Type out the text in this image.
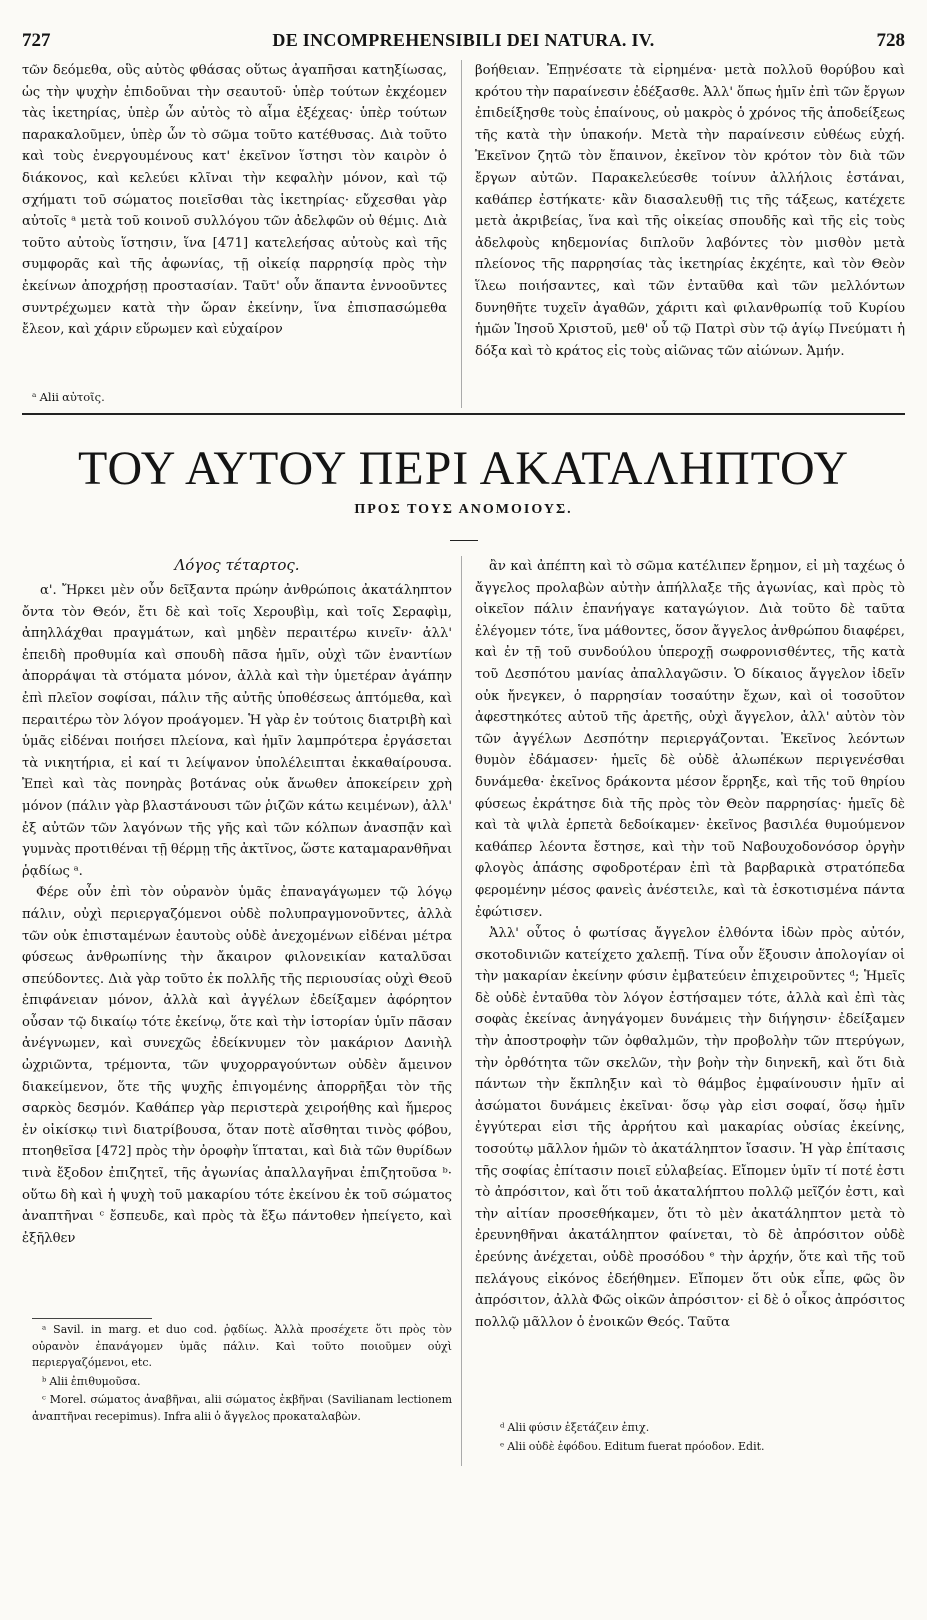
727	DE INCOMPREHENSIBILI DEI NATURA. IV.	728

τῶν δεόμεθα, οὓς αὐτὸς φθάσας οὕτως ἀγαπῆσαι κατηξίωσας, ὡς τὴν ψυχὴν ἐπιδοῦναι τὴν σεαυτοῦ· ὑπὲρ τούτων ἐκχέομεν τὰς ἱκετηρίας, ὑπὲρ ὧν αὐτὸς τὸ αἷμα ἐξέχεας· ὑπὲρ τούτων παρακαλοῦμεν, ὑπὲρ ὧν τὸ σῶμα τοῦτο κατέθυσας. Διὰ τοῦτο καὶ τοὺς ἐνεργουμένους κατ' ἐκεῖνον ἵστησι τὸν καιρὸν ὁ διάκονος, καὶ κελεύει κλῖναι τὴν κεφαλὴν μόνον, καὶ τῷ σχήματι τοῦ σώματος ποιεῖσθαι τὰς ἱκετηρίας· εὔχεσθαι γὰρ αὐτοῖς ᵃ μετὰ τοῦ κοινοῦ συλλόγου τῶν ἀδελφῶν οὐ θέμις. Διὰ τοῦτο αὐτοὺς ἵστησιν, ἵνα [471] κατελεήσας αὐτοὺς καὶ τῆς συμφορᾶς καὶ τῆς ἀφωνίας, τῇ οἰκείᾳ παρρησίᾳ πρὸς τὴν ἐκείνων ἀποχρήσῃ προστασίαν. Ταῦτ' οὖν ἅπαντα ἐννοοῦντες συντρέχωμεν κατὰ τὴν ὥραν ἐκείνην, ἵνα ἐπισπασώμεθα ἔλεον, καὶ χάριν εὕρωμεν καὶ εὐχαίρον

ᵃ Alii αὐτοῖς.

βοήθειαν. Ἐπῃνέσατε τὰ εἰρημένα· μετὰ πολλοῦ θορύβου καὶ κρότου τὴν παραίνεσιν ἐδέξασθε. Ἀλλ' ὅπως ἡμῖν ἐπὶ τῶν ἔργων ἐπιδείξησθε τοὺς ἐπαίνους, οὐ μακρὸς ὁ χρόνος τῆς ἀποδείξεως τῆς κατὰ τὴν ὑπακοήν. Μετὰ τὴν παραίνεσιν εὐθέως εὐχή. Ἐκεῖνον ζητῶ τὸν ἔπαινον, ἐκεῖνον τὸν κρότον τὸν διὰ τῶν ἔργων αὐτῶν. Παρακελεύεσθε τοίνυν ἀλλήλοις ἑστάναι, καθάπερ ἐστήκατε· κἂν διασαλευθῇ τις τῆς τάξεως, κατέχετε μετὰ ἀκριβείας, ἵνα καὶ τῆς οἰκείας σπουδῆς καὶ τῆς εἰς τοὺς ἀδελφοὺς κηδεμονίας διπλοῦν λαβόντες τὸν μισθὸν μετὰ πλείονος τῆς παρρησίας τὰς ἱκετηρίας ἐκχέητε, καὶ τὸν Θεὸν ἵλεω ποιήσαντες, καὶ τῶν ἐνταῦθα καὶ τῶν μελλόντων δυνηθῆτε τυχεῖν ἀγαθῶν, χάριτι καὶ φιλανθρωπίᾳ τοῦ Κυρίου ἡμῶν Ἰησοῦ Χριστοῦ, μεθ' οὗ τῷ Πατρὶ σὺν τῷ ἁγίῳ Πνεύματι ἡ δόξα καὶ τὸ κράτος εἰς τοὺς αἰῶνας τῶν αἰώνων. Ἀμήν.

ΤΟΥ ΑΥΤΟΥ ΠΕΡΙ ΑΚΑΤΑΛΗΠΤΟΥ
ΠΡΟΣ ΤΟΥΣ ΑΝΟΜΟΙΟΥΣ.
Λόγος τέταρτος.

α'. Ἤρκει μὲν οὖν δεῖξαντα πρώην ἀνθρώποις ἀκατάληπτον ὄντα τὸν Θεόν, ἔτι δὲ καὶ τοῖς Χερουβὶμ, καὶ τοῖς Σεραφὶμ, ἀπηλλάχθαι πραγμάτων, καὶ μηδὲν περαιτέρω κινεῖν· ἀλλ' ἐπειδὴ προθυμία καὶ σπουδὴ πᾶσα ἡμῖν, οὐχὶ τῶν ἐναντίων ἀπορράψαι τὰ στόματα μόνον, ἀλλὰ καὶ τὴν ὑμετέραν ἀγάπην ἐπὶ πλεῖον σοφίσαι, πάλιν τῆς αὐτῆς ὑποθέσεως ἁπτόμεθα, καὶ περαιτέρω τὸν λόγον προάγομεν. Ἡ γὰρ ἐν τούτοις διατριβὴ καὶ ὑμᾶς εἰδέναι ποιήσει πλείονα, καὶ ἡμῖν λαμπρότερα ἐργάσεται τὰ νικητήρια, εἰ καί τι λείψανον ὑπολέλειπται ἐκκαθαίρουσα. Ἐπεὶ καὶ τὰς πονηρὰς βοτάνας οὐκ ἄνωθεν ἀποκείρειν χρὴ μόνον (πάλιν γὰρ βλαστάνουσι τῶν ῥιζῶν κάτω κειμένων), ἀλλ' ἐξ αὐτῶν τῶν λαγόνων τῆς γῆς καὶ τῶν κόλπων ἀνασπᾷν καὶ γυμνὰς προτιθέναι τῇ θέρμῃ τῆς ἀκτῖνος, ὥστε καταμαρανθῆναι ῥᾳδίως ᵃ.

Φέρε οὖν ἐπὶ τὸν οὐρανὸν ὑμᾶς ἐπαναγάγωμεν τῷ λόγῳ πάλιν, οὐχὶ περιεργαζόμενοι οὐδὲ πολυπραγμονοῦντες, ἀλλὰ τῶν οὐκ ἐπισταμένων ἑαυτοὺς οὐδὲ ἀνεχομένων εἰδέναι μέτρα φύσεως ἀνθρωπίνης τὴν ἄκαιρον φιλονεικίαν καταλῦσαι σπεύδοντες. Διὰ γὰρ τοῦτο ἐκ πολλῆς τῆς περιουσίας οὐχὶ Θεοῦ ἐπιφάνειαν μόνον, ἀλλὰ καὶ ἀγγέλων ἐδείξαμεν ἀφόρητον οὖσαν τῷ δικαίῳ τότε ἐκείνῳ, ὅτε καὶ τὴν ἱστορίαν ὑμῖν πᾶσαν ἀνέγνωμεν, καὶ συνεχῶς ἐδείκνυμεν τὸν μακάριον Δανιὴλ ὠχριῶντα, τρέμοντα, τῶν ψυχορραγούντων οὐδὲν ἄμεινον διακείμενον, ὅτε τῆς ψυχῆς ἐπιγομένης ἀπορρῆξαι τὸν τῆς σαρκὸς δεσμόν. Καθάπερ γὰρ περιστερὰ χειροήθης καὶ ἥμερος ἐν οἰκίσκῳ τινὶ διατρίβουσα, ὅταν ποτὲ αἴσθηται τινὸς φόβου, πτοηθεῖσα [472] πρὸς τὴν ὀροφὴν ἵπταται, καὶ διὰ τῶν θυρίδων τινὰ ἔξοδον ἐπιζητεῖ, τῆς ἀγωνίας ἀπαλλαγῆναι ἐπιζητοῦσα ᵇ· οὕτω δὴ καὶ ἡ ψυχὴ τοῦ μακαρίου τότε ἐκείνου ἐκ τοῦ σώματος ἀναπτῆναι ᶜ ἔσπευδε, καὶ πρὸς τὰ ἔξω πάντοθεν ἠπείγετο, καὶ ἐξῆλθεν

ἂν καὶ ἀπέπτη καὶ τὸ σῶμα κατέλιπεν ἔρημον, εἰ μὴ ταχέως ὁ ἄγγελος προλαβὼν αὐτὴν ἀπήλλαξε τῆς ἀγωνίας, καὶ πρὸς τὸ οἰκεῖον πάλιν ἐπανήγαγε καταγώγιον. Διὰ τοῦτο δὲ ταῦτα ἐλέγομεν τότε, ἵνα μάθοντες, ὅσον ἄγγελος ἀνθρώπου διαφέρει, καὶ ἐν τῇ τοῦ συνδούλου ὑπεροχῇ σωφρονισθέντες, τῆς κατὰ τοῦ Δεσπότου μανίας ἀπαλλαγῶσιν. Ὁ δίκαιος ἄγγελον ἰδεῖν οὐκ ἤνεγκεν, ὁ παρρησίαν τοσαύτην ἔχων, καὶ οἱ τοσοῦτον ἀφεστηκότες αὐτοῦ τῆς ἀρετῆς, οὐχὶ ἄγγελον, ἀλλ' αὐτὸν τὸν τῶν ἀγγέλων Δεσπότην περιεργάζονται. Ἐκεῖνος λεόντων θυμὸν ἐδάμασεν· ἡμεῖς δὲ οὐδὲ ἀλωπέκων περιγενέσθαι δυνάμεθα· ἐκεῖνος δράκοντα μέσον ἔρρηξε, καὶ τῆς τοῦ θηρίου φύσεως ἐκράτησε διὰ τῆς πρὸς τὸν Θεὸν παρρησίας· ἡμεῖς δὲ καὶ τὰ ψιλὰ ἑρπετὰ δεδοίκαμεν· ἐκεῖνος βασιλέα θυμούμενον καθάπερ λέοντα ἔστησε, καὶ τὴν τοῦ Ναβουχοδονόσορ ὀργὴν φλογὸς ἁπάσης σφοδροτέραν ἐπὶ τὰ βαρβαρικὰ στρατόπεδα φερομένην μέσος φανεὶς ἀνέστειλε, καὶ τὰ ἐσκοτισμένα πάντα ἐφώτισεν.

Ἀλλ' οὗτος ὁ φωτίσας ἄγγελον ἐλθόντα ἰδὼν πρὸς αὐτόν, σκοτοδινιῶν κατείχετο χαλεπῇ. Τίνα οὖν ἕξουσιν ἀπολογίαν οἱ τὴν μακαρίαν ἐκείνην φύσιν ἐμβατεύειν ἐπιχειροῦντες ᵈ; Ἡμεῖς δὲ οὐδὲ ἐνταῦθα τὸν λόγον ἐστήσαμεν τότε, ἀλλὰ καὶ ἐπὶ τὰς σοφὰς ἐκείνας ἀνηγάγομεν δυνάμεις τὴν διήγησιν· ἐδείξαμεν τὴν ἀποστροφὴν τῶν ὀφθαλμῶν, τὴν προβολὴν τῶν πτερύγων, τὴν ὀρθότητα τῶν σκελῶν, τὴν βοὴν τὴν διηνεκῆ, καὶ ὅτι διὰ πάντων τὴν ἔκπληξιν καὶ τὸ θάμβος ἐμφαίνουσιν ἡμῖν αἱ ἀσώματοι δυνάμεις ἐκεῖναι· ὅσῳ γὰρ εἰσι σοφαί, ὅσῳ ἡμῖν ἐγγύτεραι εἰσι τῆς ἀρρήτου καὶ μακαρίας οὐσίας ἐκείνης, τοσούτῳ μᾶλλον ἡμῶν τὸ ἀκατάληπτον ἴσασιν. Ἡ γὰρ ἐπίτασις τῆς σοφίας ἐπίτασιν ποιεῖ εὐλαβείας. Εἴπομεν ὑμῖν τί ποτέ ἐστι τὸ ἀπρόσιτον, καὶ ὅτι τοῦ ἀκαταλήπτου πολλῷ μεῖζόν ἐστι, καὶ τὴν αἰτίαν προσεθήκαμεν, ὅτι τὸ μὲν ἀκατάληπτον μετὰ τὸ ἐρευνηθῆναι ἀκατάληπτον φαίνεται, τὸ δὲ ἀπρόσιτον οὐδὲ ἐρεύνης ἀνέχεται, οὐδὲ προσόδου ᵉ τὴν ἀρχήν, ὅτε καὶ τῆς τοῦ πελάγους εἰκόνος ἐδεήθημεν. Εἴπομεν ὅτι οὐκ εἶπε, φῶς ὂν ἀπρόσιτον, ἀλλὰ Φῶς οἰκῶν ἀπρόσιτον· εἰ δὲ ὁ οἶκος ἀπρόσιτος πολλῷ μᾶλλον ὁ ἐνοικῶν Θεός. Ταῦτα

ᵃ Savil. in marg. et duo cod. ῥᾳδίως. Ἀλλὰ προσέχετε ὅτι πρὸς τὸν οὐρανὸν ἐπανάγομεν ὑμᾶς πάλιν. Καὶ τοῦτο ποιοῦμεν οὐχὶ περιεργαζόμενοι, etc.

ᵇ Alii ἐπιθυμοῦσα.

ᶜ Morel. σώματος ἀναβῆναι, alii σώματος ἐκβῆναι (Savilianam lectionem ἀναπτῆναι recepimus). Infra alii ὁ ἄγγελος προκαταλαβὼν.

ᵈ Alii φύσιν ἐξετάζειν ἐπιχ.

ᵉ Alii οὐδὲ ἐφόδου. Editum fuerat πρόοδον. Edit.
